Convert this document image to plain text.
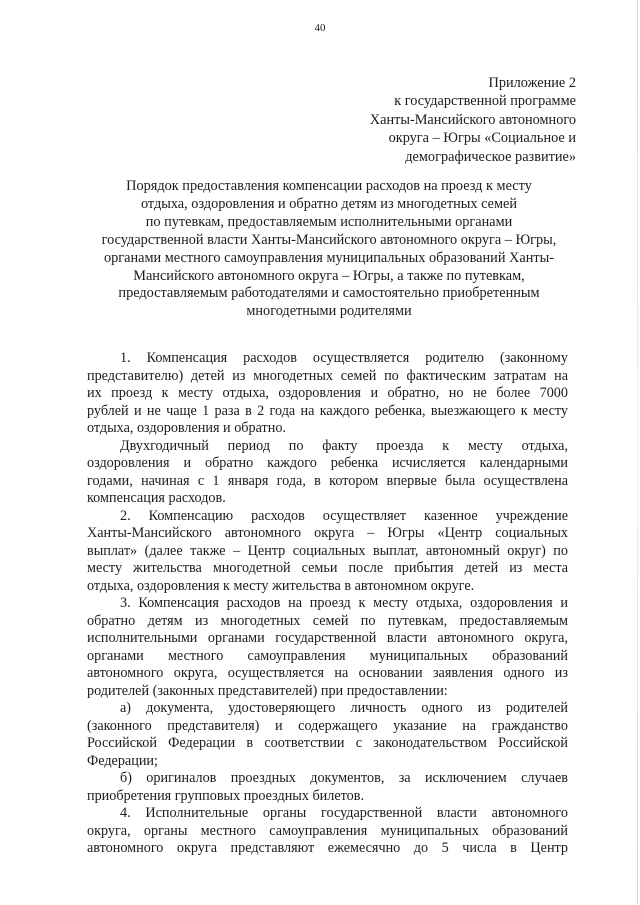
40
Приложение 2
к государственной программе
Ханты-Мансийского автономного
округа – Югры «Социальное и
демографическое развитие»
Порядок предоставления компенсации расходов на проезд к месту
отдыха, оздоровления и обратно детям из многодетных семей
по путевкам, предоставляемым исполнительными органами
государственной власти Ханты-Мансийского автономного округа – Югры,
органами местного самоуправления муниципальных образований Ханты-
Мансийского автономного округа – Югры, а также по путевкам,
предоставляемым работодателями и самостоятельно приобретенным
многодетными родителями
1. Компенсация расходов осуществляется родителю (законному
представителю) детей из многодетных семей по фактическим затратам на
их проезд к месту отдыха, оздоровления и обратно, но не более 7000
рублей и не чаще 1 раза в 2 года на каждого ребенка, выезжающего к месту
отдыха, оздоровления и обратно.
Двухгодичный период по факту проезда к месту отдыха,
оздоровления и обратно каждого ребенка исчисляется календарными
годами, начиная с 1 января года, в котором впервые была осуществлена
компенсация расходов.
2. Компенсацию расходов осуществляет казенное учреждение
Ханты-Мансийского автономного округа – Югры «Центр социальных
выплат» (далее также – Центр социальных выплат, автономный округ) по
месту жительства многодетной семьи после прибытия детей из места
отдыха, оздоровления к месту жительства в автономном округе.
3. Компенсация расходов на проезд к месту отдыха, оздоровления и
обратно детям из многодетных семей по путевкам, предоставляемым
исполнительными органами государственной власти автономного округа,
органами местного самоуправления муниципальных образований
автономного округа, осуществляется на основании заявления одного из
родителей (законных представителей) при предоставлении:
а) документа, удостоверяющего личность одного из родителей
(законного представителя) и содержащего указание на гражданство
Российской Федерации в соответствии с законодательством Российской
Федерации;
б) оригиналов проездных документов, за исключением случаев
приобретения групповых проездных билетов.
4. Исполнительные органы государственной власти автономного
округа, органы местного самоуправления муниципальных образований
автономного округа представляют ежемесячно до 5 числа в Центр
